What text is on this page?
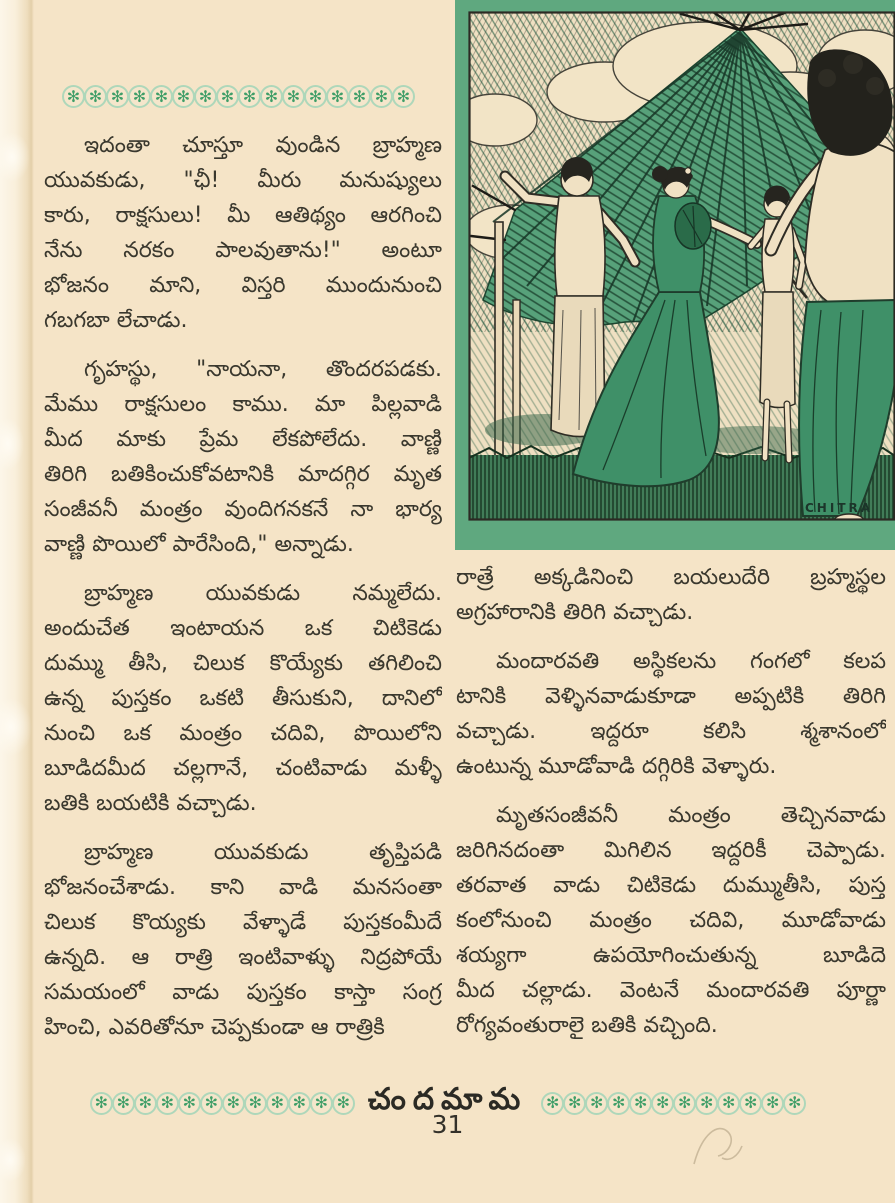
✻ ✻ ✻ ✻ ✻ ✻ ✻ ✻ ✻ ✻ ✻ ✻ ✻ ✻ ✻ ✻
ఇదంతా చూస్తూ వుండిన బ్రాహ్మణ
యువకుడు, "ఛీ! మీరు మనుష్యులు
కారు, రాక్షసులు! మీ ఆతిథ్యం ఆరగించి
నేను నరకం పాలవుతాను!" అంటూ
భోజనం మాని, విస్తరి ముందునుంచి
గబగబా లేచాడు.
గృహస్థు, "నాయనా, తొందరపడకు.
మేము రాక్షసులం కాము. మా పిల్లవాడి
మీద మాకు ప్రేమ లేకపోలేదు. వాణ్ణి
తిరిగి బతికించుకోవటానికి మాదగ్గిర మృత
సంజీవనీ మంత్రం వుందిగనకనే నా భార్య
వాణ్ణి పొయిలో పారేసింది," అన్నాడు.
బ్రాహ్మణ యువకుడు నమ్మలేదు.
అందుచేత ఇంటాయన ఒక చిటికెడు
దుమ్ము తీసి, చిలుక కొయ్యేకు తగిలించి
ఉన్న పుస్తకం ఒకటి తీసుకుని, దానిలో
నుంచి ఒక మంత్రం చదివి, పొయిలోని
బూడిదమీద చల్లగానే, చంటివాడు మళ్ళీ
బతికి బయటికి వచ్చాడు.
బ్రాహ్మణ యువకుడు తృప్తిపడి
భోజనంచేశాడు. కాని వాడి మనసంతా
చిలుక కొయ్యకు వేళ్ళాడే పుస్తకంమీదే
ఉన్నది. ఆ రాత్రి ఇంటివాళ్ళు నిద్రపోయే
సమయంలో వాడు పుస్తకం కాస్తా సంగ్ర
హించి, ఎవరితోనూ చెప్పకుండా ఆ రాత్రికి
CHITRA
రాత్రే అక్కడినించి బయలుదేరి బ్రహ్మస్థల
అగ్రహారానికి తిరిగి వచ్చాడు.
మందారవతి అస్థికలను గంగలో కలప
టానికి వెళ్ళినవాడుకూడా అప్పటికి తిరిగి
వచ్చాడు. ఇద్దరూ కలిసి శ్మశానంలో
ఉంటున్న మూడోవాడి దగ్గిరికి వెళ్ళారు.
మృతసంజీవనీ మంత్రం తెచ్చినవాడు
జరిగినదంతా మిగిలిన ఇద్దరికీ చెప్పాడు.
తరవాత వాడు చిటికెడు దుమ్ముతీసి, పుస్త
కంలోనుంచి మంత్రం చదివి, మూడోవాడు
శయ్యగా ఉపయోగించుతున్న బూడిదె
మీద చల్లాడు. వెంటనే మందారవతి పూర్ణా
రోగ్యవంతురాలై బతికి వచ్చింది.
✻ ✻ ✻ ✻ ✻ ✻ ✻ ✻ ✻ ✻ ✻ ✻ చందమామ ✻ ✻ ✻ ✻ ✻ ✻ ✻ ✻ ✻ ✻ ✻ ✻
31
